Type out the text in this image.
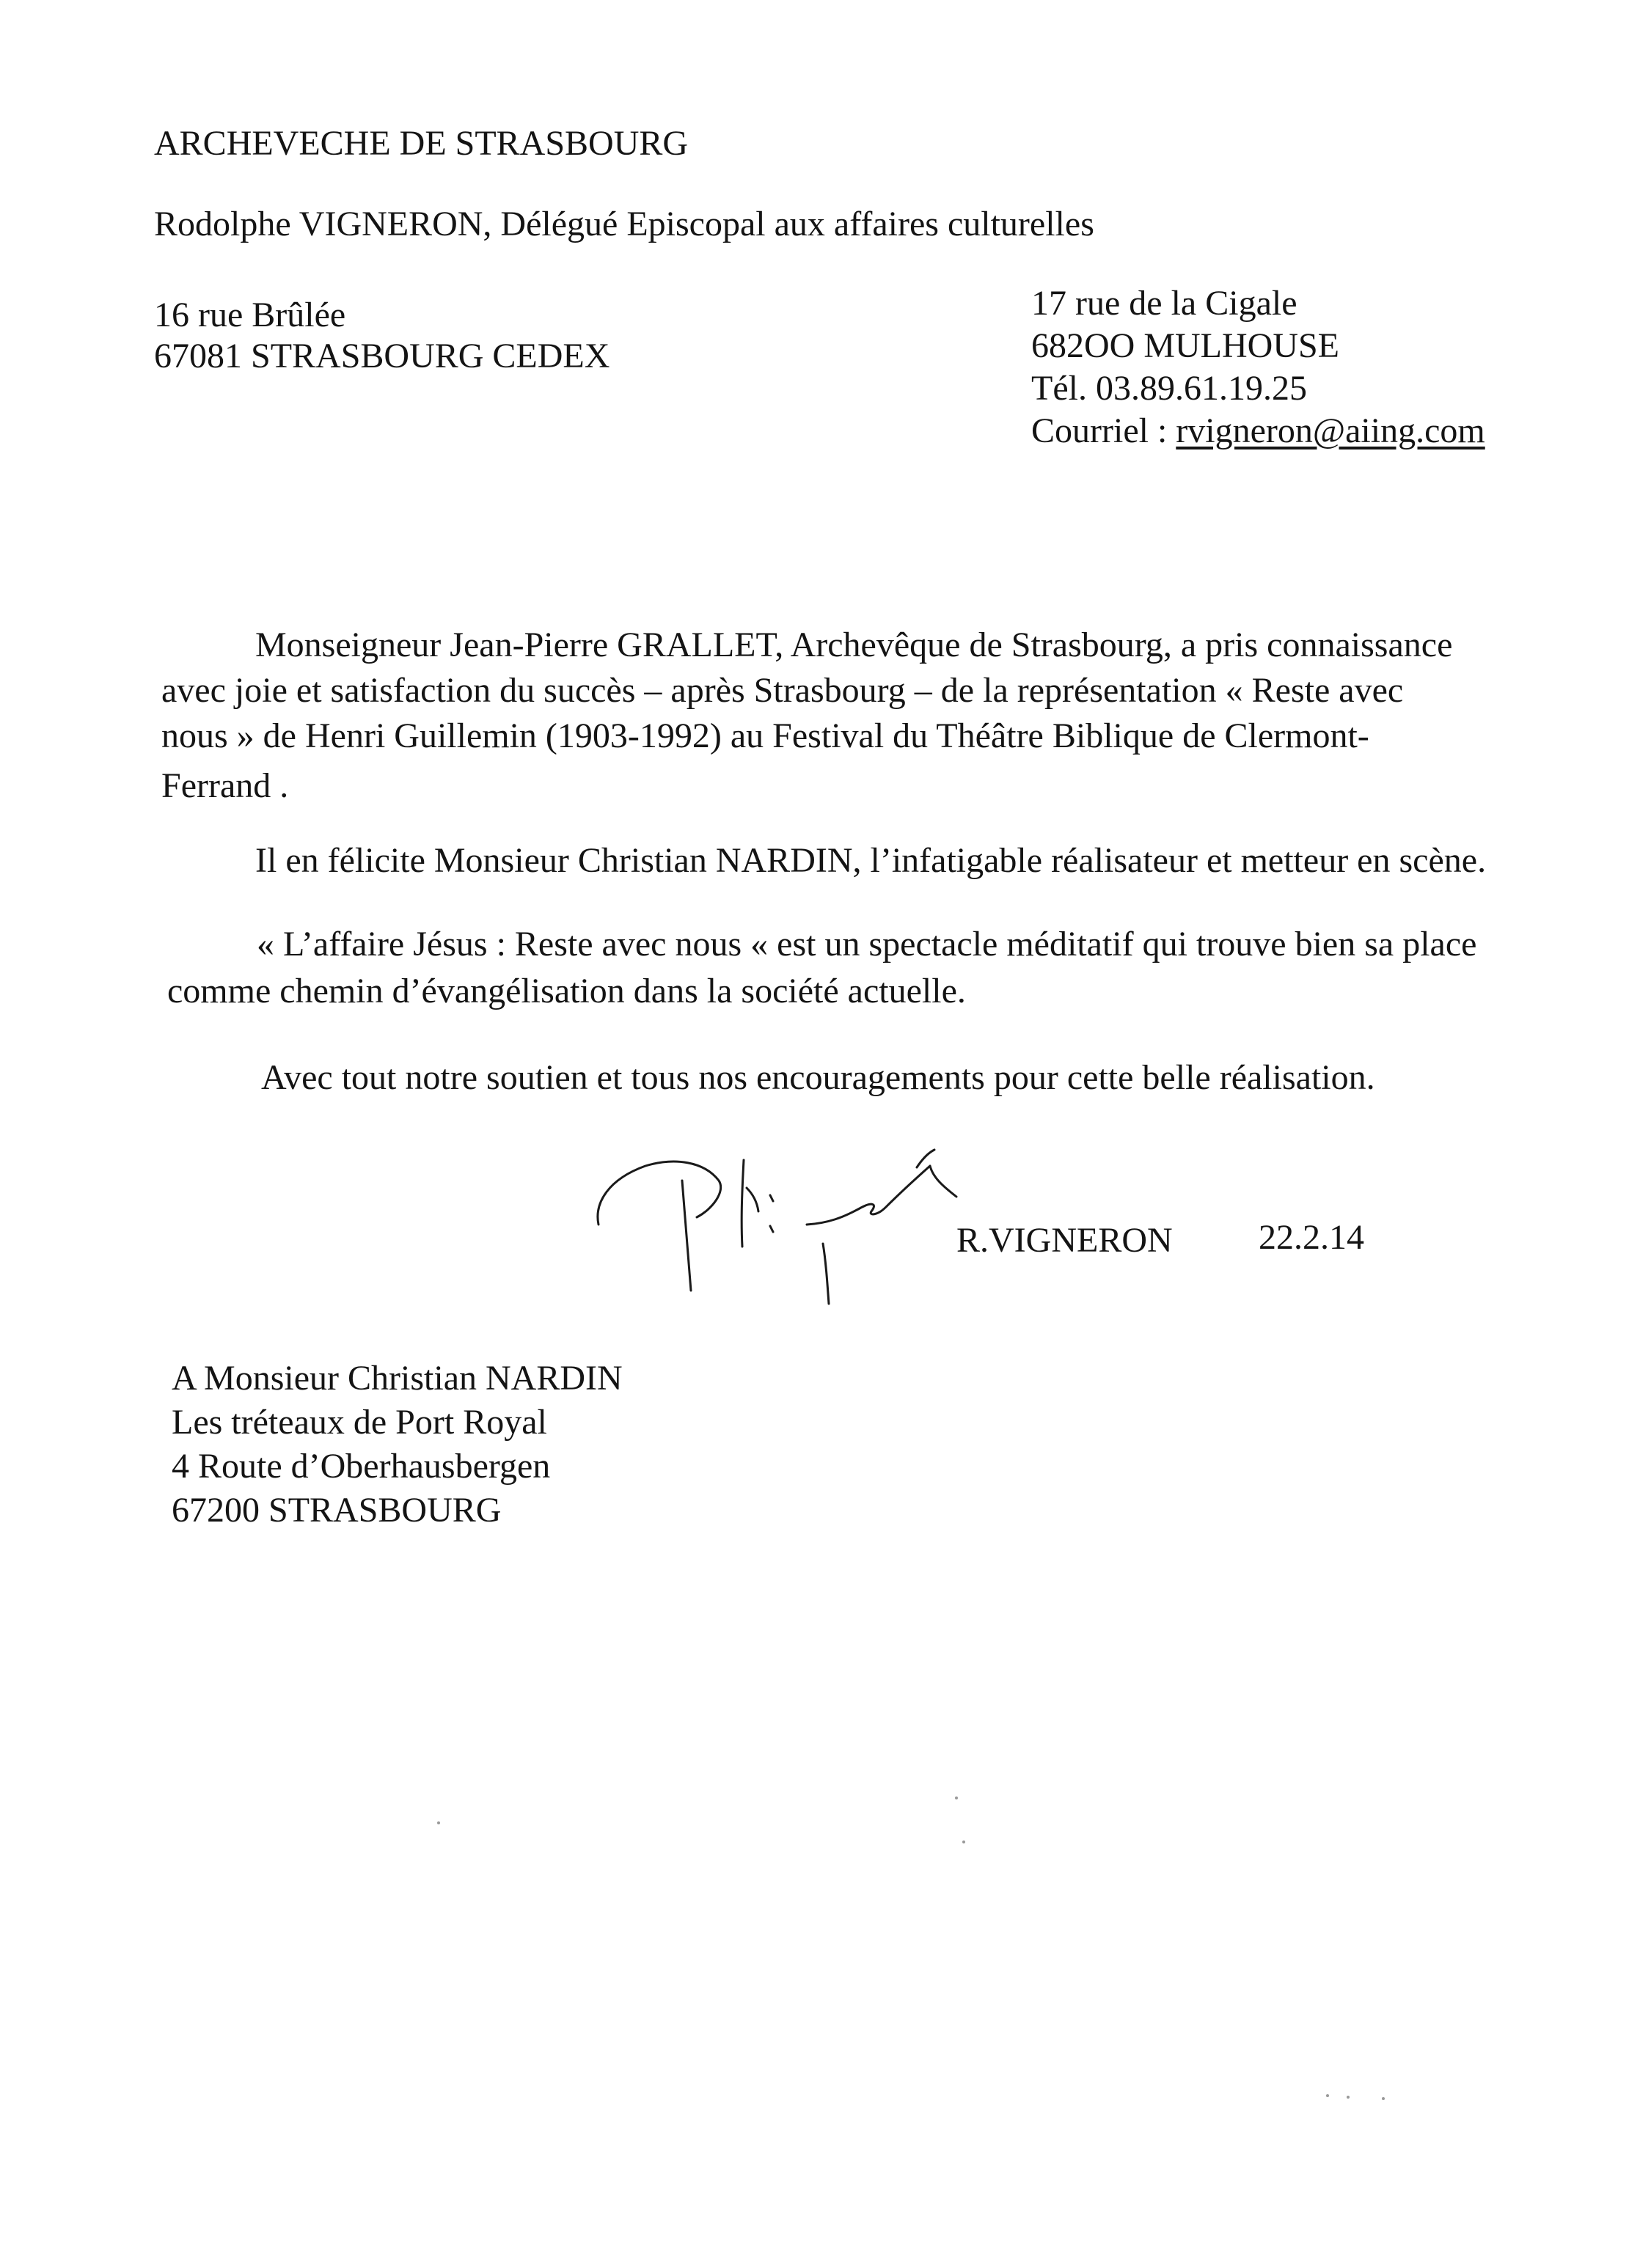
ARCHEVECHE DE STRASBOURG
Rodolphe VIGNERON, Délégué Episcopal aux affaires culturelles
16 rue Brûlée
67081 STRASBOURG CEDEX
17 rue de la Cigale
682OO MULHOUSE
Tél. 03.89.61.19.25
Courriel : rvigneron@aiing.com
Monseigneur Jean-Pierre GRALLET, Archevêque de Strasbourg, a pris connaissance
avec joie et satisfaction du succès – après Strasbourg – de la représentation « Reste avec
nous » de Henri Guillemin (1903-1992) au Festival du Théâtre Biblique de Clermont-
Ferrand .
Il en félicite Monsieur Christian NARDIN, l’infatigable réalisateur et metteur en scène.
« L’affaire Jésus : Reste avec nous « est un spectacle méditatif qui trouve bien sa place
comme chemin d’évangélisation dans la société actuelle.
Avec tout notre soutien et tous nos encouragements pour cette belle réalisation.
R.VIGNERON 22.2.14
A Monsieur Christian NARDIN
Les tréteaux de Port Royal
4 Route d’Oberhausbergen
67200 STRASBOURG
